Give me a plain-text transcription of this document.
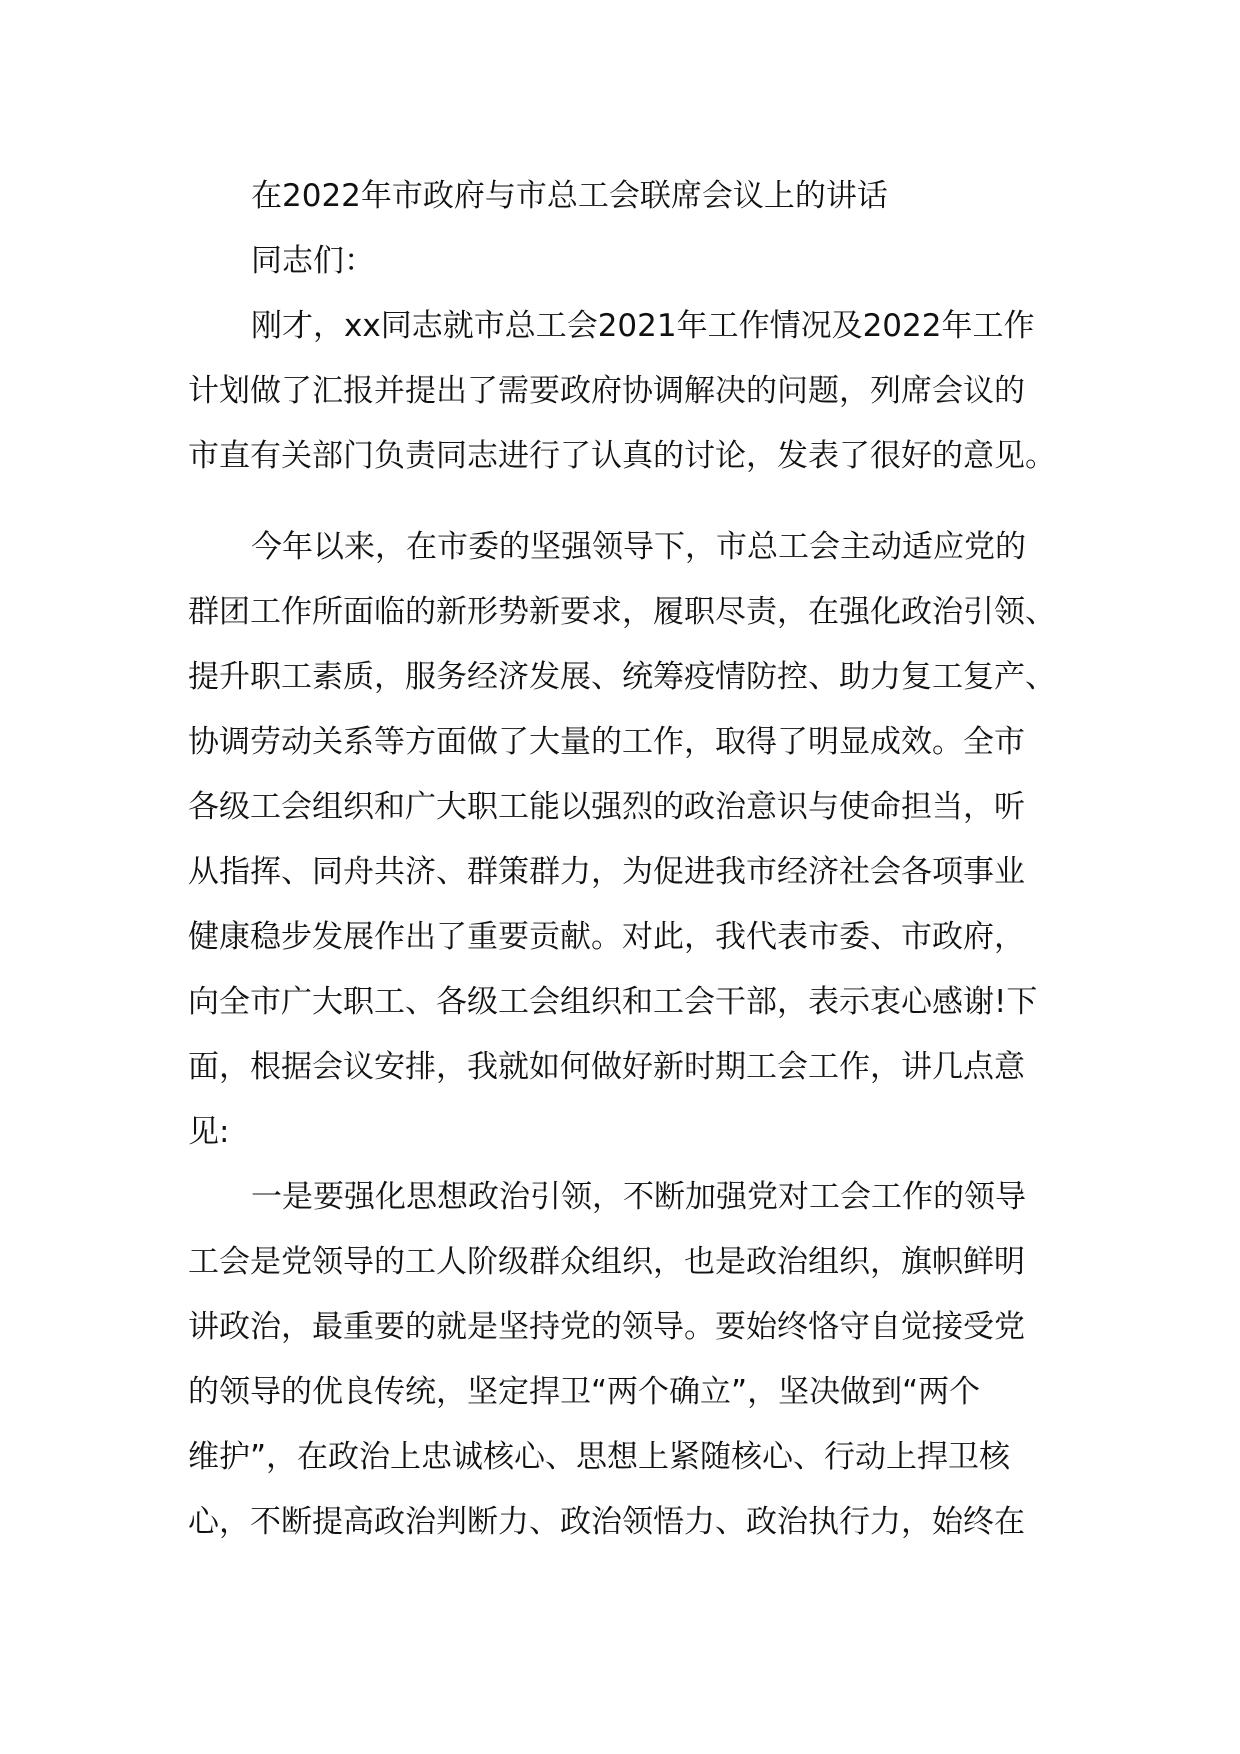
在2022年市政府与市总工会联席会议上的讲话
同志们：
刚才，xx同志就市总工会2021年工作情况及2022年工作
计划做了汇报并提出了需要政府协调解决的问题，列席会议的
市直有关部门负责同志进行了认真的讨论，发表了很好的意见。
今年以来，在市委的坚强领导下，市总工会主动适应党的
群团工作所面临的新形势新要求，履职尽责，在强化政治引领、
提升职工素质，服务经济发展、统筹疫情防控、助力复工复产、
协调劳动关系等方面做了大量的工作，取得了明显成效。全市
各级工会组织和广大职工能以强烈的政治意识与使命担当，听
从指挥、同舟共济、群策群力，为促进我市经济社会各项事业
健康稳步发展作出了重要贡献。对此，我代表市委、市政府，
向全市广大职工、各级工会组织和工会干部，表示衷心感谢!下
面，根据会议安排，我就如何做好新时期工会工作，讲几点意
见:
一是要强化思想政治引领，不断加强党对工会工作的领导
工会是党领导的工人阶级群众组织，也是政治组织，旗帜鲜明
讲政治，最重要的就是坚持党的领导。要始终恪守自觉接受党
的领导的优良传统，坚定捍卫“两个确立”，坚决做到“两个
维护”，在政治上忠诚核心、思想上紧随核心、行动上捍卫核
心，不断提高政治判断力、政治领悟力、政治执行力，始终在
